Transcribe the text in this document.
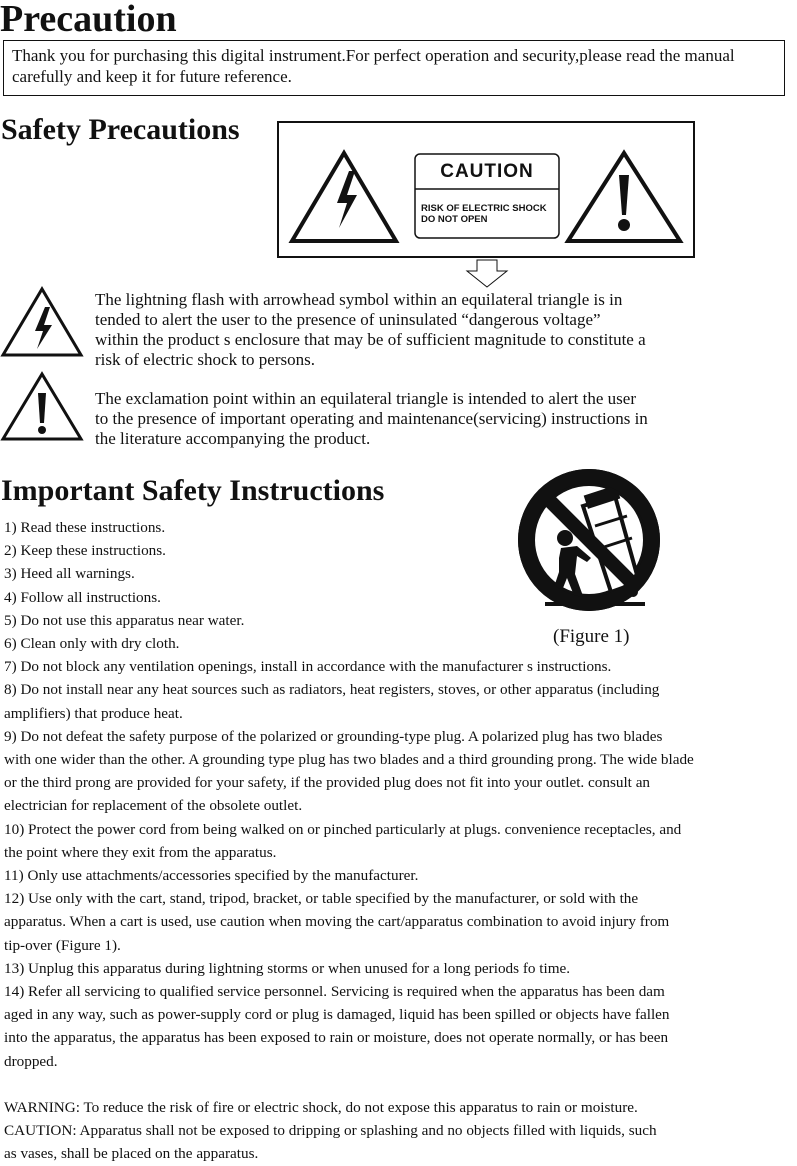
Precaution
Thank you for purchasing this digital instrument.For perfect operation and security,please read the manual carefully and keep it for future reference.
Safety Precautions
CAUTION
RISK OF ELECTRIC SHOCK
DO NOT OPEN
The lightning flash with arrowhead symbol within an equilateral triangle is in
tended to alert the user to the presence of uninsulated “dangerous voltage”
within the product s enclosure that may be of sufficient magnitude to constitute a
risk of electric shock to persons.
The exclamation point within an equilateral triangle is intended to alert the user
to the presence of important operating and maintenance(servicing) instructions in
the literature accompanying the product.
Important Safety Instructions
(Figure 1)

1) Read these instructions.

2) Keep these instructions.

3) Heed all warnings.

4) Follow all instructions.

5) Do not use this apparatus near water.

6) Clean only with dry cloth.

7) Do not block any ventilation openings, install in accordance with the manufacturer s instructions.

8) Do not install near any heat sources such as radiators, heat registers, stoves, or other apparatus (including

amplifiers) that produce heat.

9) Do not defeat the safety purpose of the polarized or grounding-type plug. A polarized plug has two blades

with one wider than the other. A grounding type plug has two blades and a third grounding prong. The wide blade

or the third prong are provided for your safety, if the provided plug does not fit into your outlet. consult an

electrician for replacement of the obsolete outlet.

10) Protect the power cord from being walked on or pinched particularly at plugs. convenience receptacles, and

the point where they exit from the apparatus.

11) Only use attachments/accessories specified by the manufacturer.

12) Use only with the cart, stand, tripod, bracket, or table specified by the manufacturer, or sold with the

apparatus. When a cart is used, use caution when moving the cart/apparatus combination to avoid injury from

tip-over (Figure 1).

13) Unplug this apparatus during lightning storms or when unused for a long periods fo time.

14) Refer all servicing to qualified service personnel. Servicing is required when the apparatus has been dam

aged in any way, such as power-supply cord or plug is damaged, liquid has been spilled or objects have fallen

into the apparatus, the apparatus has been exposed to rain or moisture, does not operate normally, or has been

dropped.

WARNING: To reduce the risk of fire or electric shock, do not expose this apparatus to rain or moisture.

CAUTION: Apparatus shall not be exposed to dripping or splashing and no objects filled with liquids, such

as vases, shall be placed on the apparatus.
